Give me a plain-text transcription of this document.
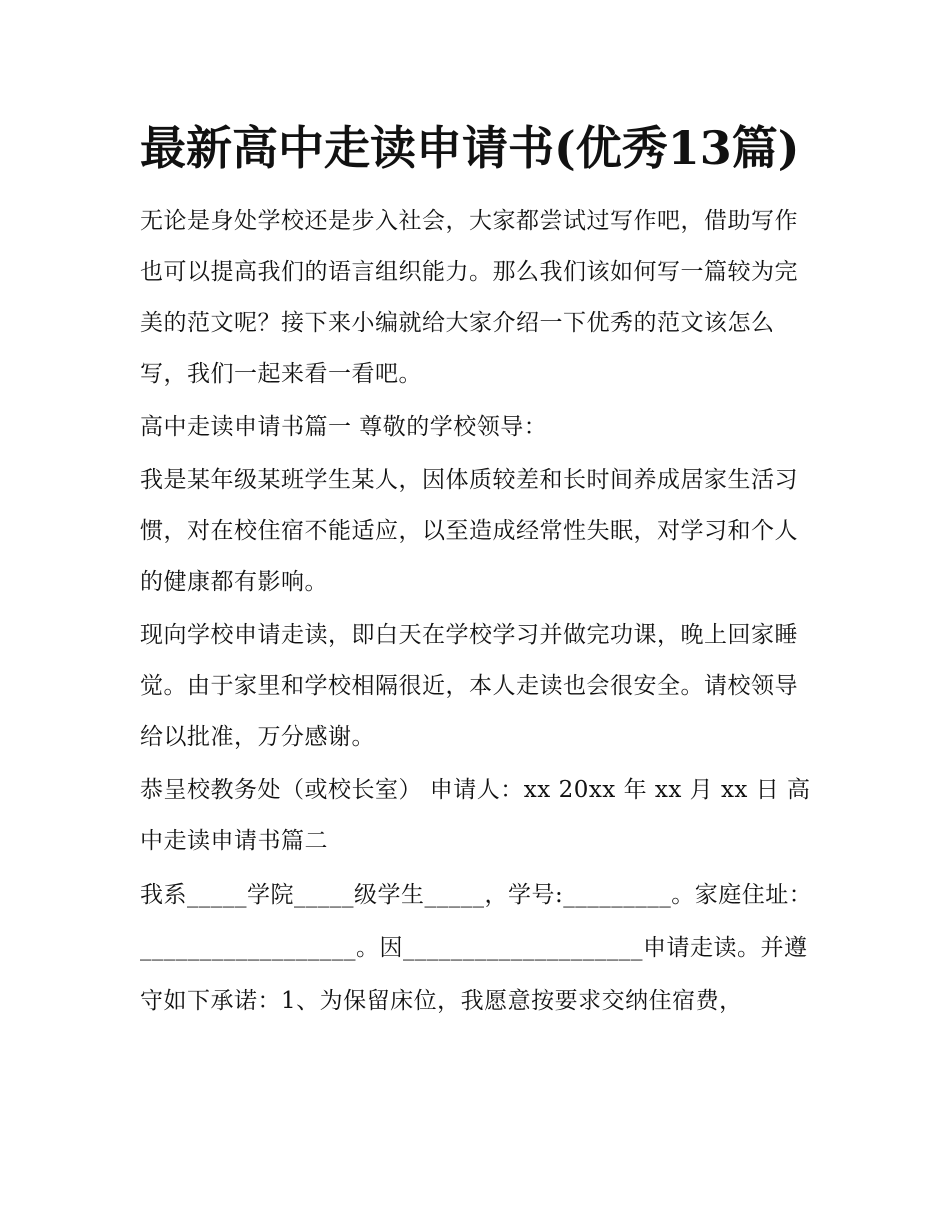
最新高中走读申请书(优秀13篇)

无论是身处学校还是步入社会，大家都尝试过写作吧，借助写作也可以提高我们的语言组织能力。那么我们该如何写一篇较为完美的范文呢？接下来小编就给大家介绍一下优秀的范文该怎么写，我们一起来看一看吧。

高中走读申请书篇一 尊敬的学校领导：

我是某年级某班学生某人，因体质较差和长时间养成居家生活习惯，对在校住宿不能适应，以至造成经常性失眠，对学习和个人的健康都有影响。

现向学校申请走读，即白天在学校学习并做完功课，晚上回家睡觉。由于家里和学校相隔很近，本人走读也会很安全。请校领导给以批准，万分感谢。

恭呈校教务处（或校长室） 申请人：xx 20xx 年 xx 月 xx 日 高中走读申请书篇二

我系_____学院_____级学生_____，学号:_________。家庭住址：__________________。因____________________申请走读。并遵守如下承诺：1、为保留床位，我愿意按要求交纳住宿费，
